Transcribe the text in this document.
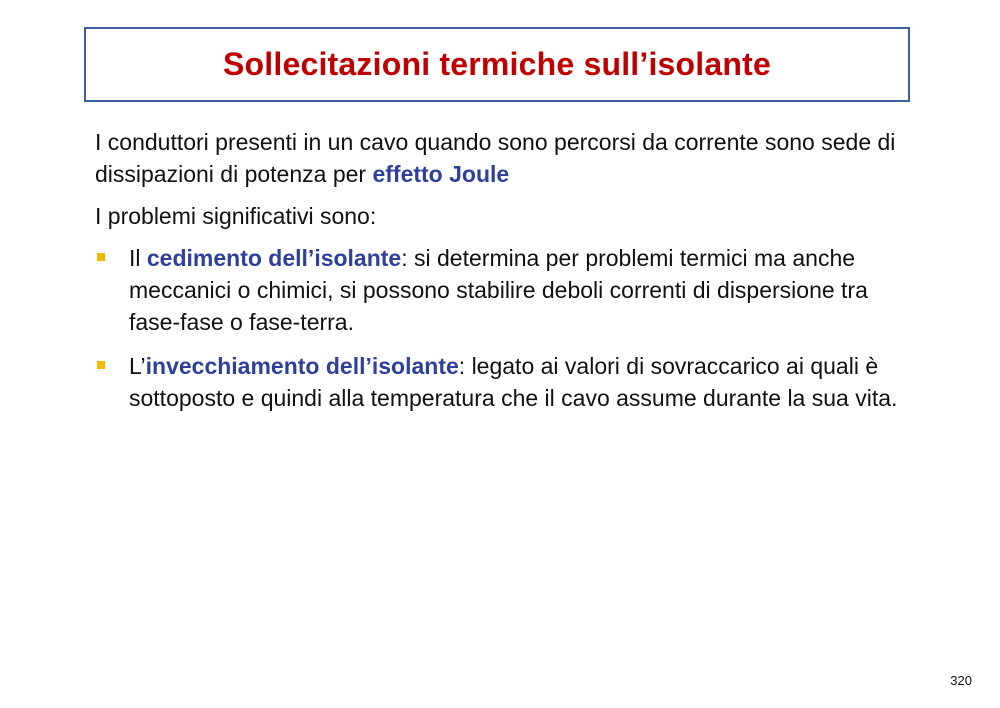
Sollecitazioni termiche sull’isolante

I conduttori presenti in un cavo quando sono percorsi da corrente sono sede di dissipazioni di potenza per effetto Joule

I problemi significativi sono:

Il cedimento dell’isolante: si determina per problemi termici ma anche meccanici o chimici, si possono stabilire deboli correnti di dispersione tra fase-fase o fase-terra.
L’invecchiamento dell’isolante: legato ai valori di sovraccarico ai quali è sottoposto e quindi alla temperatura che il cavo assume durante la sua vita.
320
